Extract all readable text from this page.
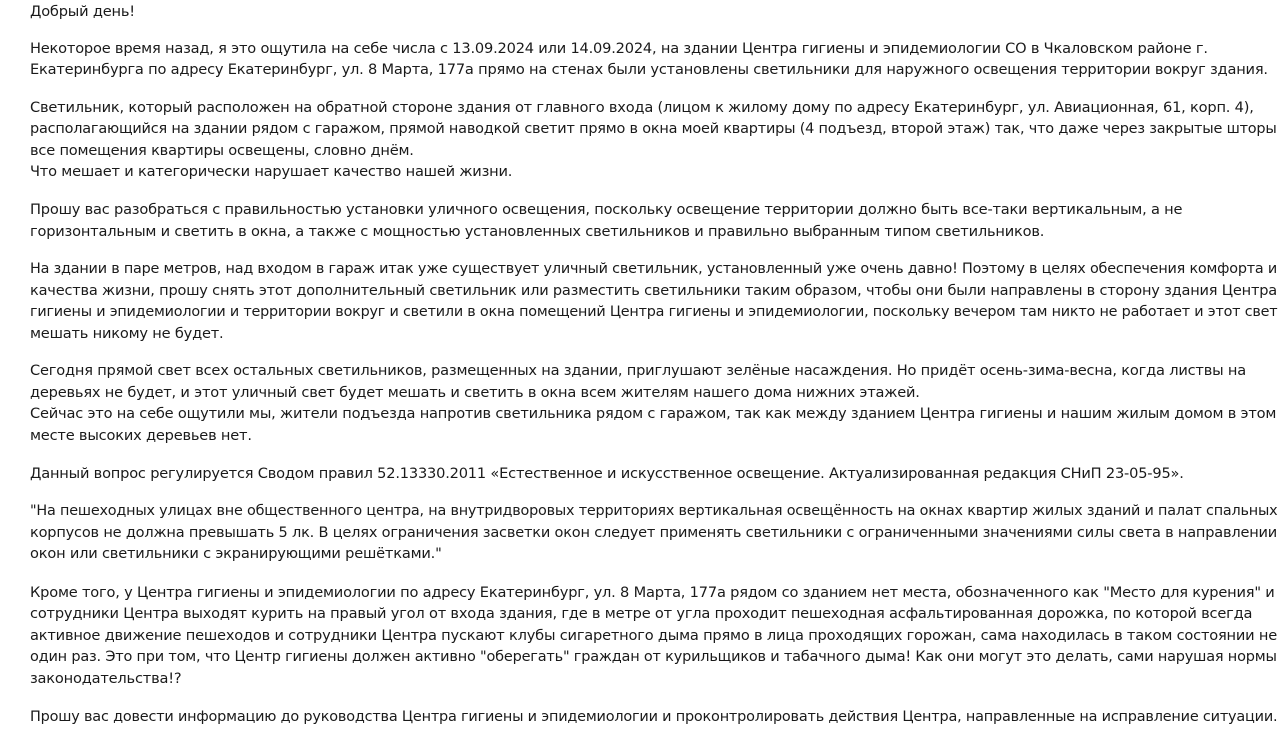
Добрый день!
Некоторое время назад, я это ощутила на себе числа с 13.09.2024 или 14.09.2024, на здании Центра гигиены и эпидемиологии СО в Чкаловском районе г.
Екатеринбурга по адресу Екатеринбург, ул. 8 Марта, 177а прямо на стенах были установлены светильники для наружного освещения территории вокруг здания.
Светильник, который расположен на обратной стороне здания от главного входа (лицом к жилому дому по адресу Екатеринбург, ул. Авиационная, 61, корп. 4),
располагающийся на здании рядом с гаражом, прямой наводкой светит прямо в окна моей квартиры (4 подъезд, второй этаж) так, что даже через закрытые шторы
все помещения квартиры освещены, словно днём.
Что мешает и категорически нарушает качество нашей жизни.
Прошу вас разобраться с правильностью установки уличного освещения, поскольку освещение территории должно быть все-таки вертикальным, а не
горизонтальным и светить в окна, а также с мощностью установленных светильников и правильно выбранным типом светильников.
На здании в паре метров, над входом в гараж итак уже существует уличный светильник, установленный уже очень давно! Поэтому в целях обеспечения комфорта и
качества жизни, прошу снять этот дополнительный светильник или разместить светильники таким образом, чтобы они были направлены в сторону здания Центра
гигиены и эпидемиологии и территории вокруг и светили в окна помещений Центра гигиены и эпидемиологии, поскольку вечером там никто не работает и этот свет
мешать никому не будет.
Сегодня прямой свет всех остальных светильников, размещенных на здании, приглушают зелёные насаждения. Но придёт осень-зима-весна, когда листвы на
деревьях не будет, и этот уличный свет будет мешать и светить в окна всем жителям нашего дома нижних этажей.
Сейчас это на себе ощутили мы, жители подъезда напротив светильника рядом с гаражом, так как между зданием Центра гигиены и нашим жилым домом в этом
месте высоких деревьев нет.
Данный вопрос регулируется Сводом правил 52.13330.2011 «Естественное и искусственное освещение. Актуализированная редакция СНиП 23-05-95».
"На пешеходных улицах вне общественного центра, на внутридворовых территориях вертикальная освещённость на окнах квартир жилых зданий и палат спальных
корпусов не должна превышать 5 лк. В целях ограничения засветки окон следует применять светильники с ограниченными значениями силы света в направлении
окон или светильники с экранирующими решётками."
Кроме того, у Центра гигиены и эпидемиологии по адресу Екатеринбург, ул. 8 Марта, 177а рядом со зданием нет места, обозначенного как "Место для курения" и
сотрудники Центра выходят курить на правый угол от входа здания, где в метре от угла проходит пешеходная асфальтированная дорожка, по которой всегда
активное движение пешеходов и сотрудники Центра пускают клубы сигаретного дыма прямо в лица проходящих горожан, сама находилась в таком состоянии не
один раз. Это при том, что Центр гигиены должен активно "оберегать" граждан от курильщиков и табачного дыма! Как они могут это делать, сами нарушая нормы
законодательства!?
Прошу вас довести информацию до руководства Центра гигиены и эпидемиологии и проконтролировать действия Центра, направленные на исправление ситуации.
